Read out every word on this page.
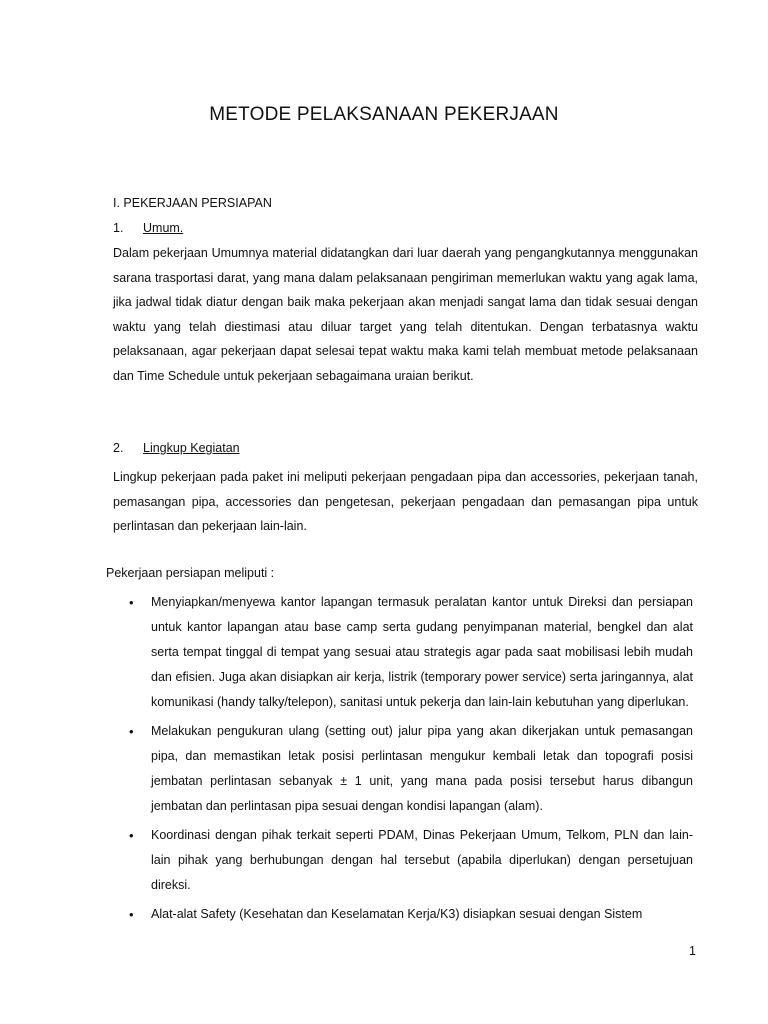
METODE PELAKSANAAN PEKERJAAN
I. PEKERJAAN PERSIAPAN
1. Umum.

Dalam pekerjaan Umumnya material didatangkan dari luar daerah yang pengangkutannya menggunakan sarana trasportasi darat, yang mana dalam pelaksanaan pengiriman memerlukan waktu yang agak lama, jika jadwal tidak diatur dengan baik maka pekerjaan akan menjadi sangat lama dan tidak sesuai dengan waktu yang telah diestimasi atau diluar target yang telah ditentukan. Dengan terbatasnya waktu pelaksanaan, agar pekerjaan dapat selesai tepat waktu maka kami telah membuat metode pelaksanaan dan Time Schedule untuk pekerjaan sebagaimana uraian berikut.

2. Lingkup Kegiatan

Lingkup pekerjaan pada paket ini meliputi pekerjaan pengadaan pipa dan accessories, pekerjaan tanah, pemasangan pipa, accessories dan pengetesan, pekerjaan pengadaan dan pemasangan pipa untuk perlintasan dan pekerjaan lain-lain.

Pekerjaan persiapan meliputi :
• Menyiapkan/menyewa kantor lapangan termasuk peralatan kantor untuk Direksi dan persiapan untuk kantor lapangan atau base camp serta gudang penyimpanan material, bengkel dan alat serta tempat tinggal di tempat yang sesuai atau strategis agar pada saat mobilisasi lebih mudah dan efisien. Juga akan disiapkan air kerja, listrik (temporary power service) serta jaringannya, alat komunikasi (handy talky/telepon), sanitasi untuk pekerja dan lain-lain kebutuhan yang diperlukan.
• Melakukan pengukuran ulang (setting out) jalur pipa yang akan dikerjakan untuk pemasangan pipa, dan memastikan letak posisi perlintasan mengukur kembali letak dan topografi posisi jembatan perlintasan sebanyak ± 1 unit, yang mana pada posisi tersebut harus dibangun jembatan dan perlintasan pipa sesuai dengan kondisi lapangan (alam).
• Koordinasi dengan pihak terkait seperti PDAM, Dinas Pekerjaan Umum, Telkom, PLN dan lain-lain pihak yang berhubungan dengan hal tersebut (apabila diperlukan) dengan persetujuan direksi.
• Alat-alat Safety (Kesehatan dan Keselamatan Kerja/K3) disiapkan sesuai dengan Sistem
1
